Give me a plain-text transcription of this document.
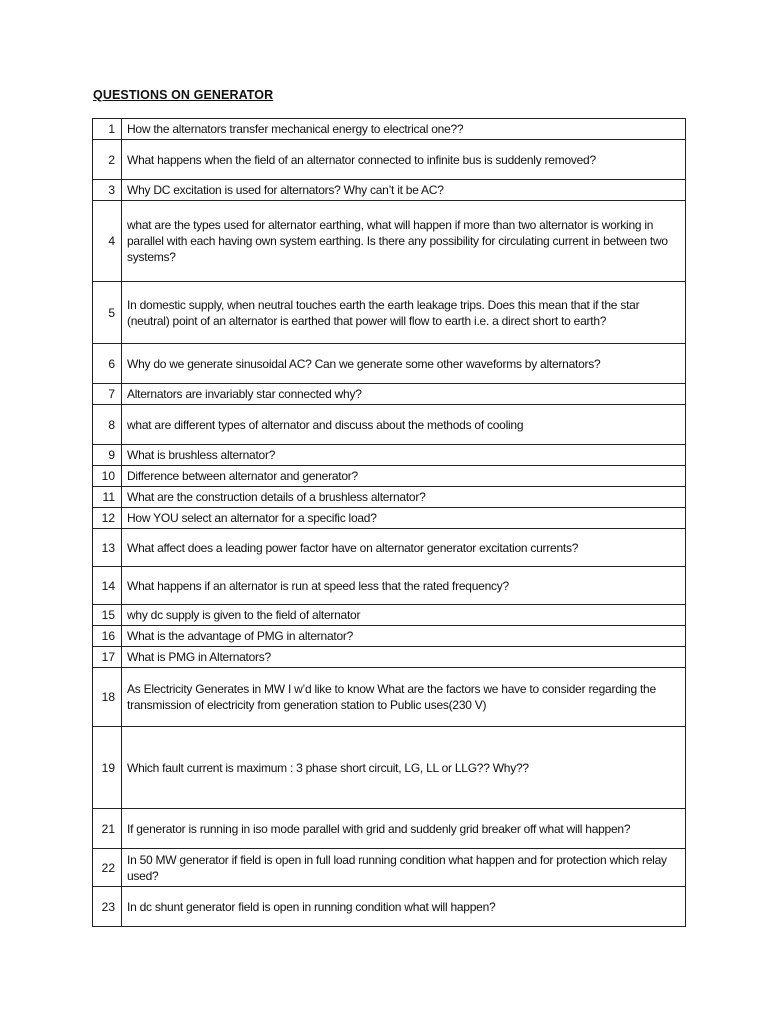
QUESTIONS ON GENERATOR
1	How the alternators transfer mechanical energy to electrical one??
2	What happens when the field of an alternator connected to infinite bus is suddenly removed?
3	Why DC excitation is used for alternators? Why can’t it be AC?
4	what are the types used for alternator earthing, what will happen if more than two alternator is working in parallel with each having own system earthing. Is there any possibility for circulating current in between two systems?
5	In domestic supply, when neutral touches earth the earth leakage trips. Does this mean that if the star (neutral) point of an alternator is earthed that power will flow to earth i.e. a direct short to earth?
6	Why do we generate sinusoidal AC? Can we generate some other waveforms by alternators?
7	Alternators are invariably star connected why?
8	what are different types of alternator and discuss about the methods of cooling
9	What is brushless alternator?
10	Difference between alternator and generator?
11	What are the construction details of a brushless alternator?
12	How YOU select an alternator for a specific load?
13	What affect does a leading power factor have on alternator generator excitation currents?
14	What happens if an alternator is run at speed less that the rated frequency?
15	why dc supply is given to the field of alternator
16	What is the advantage of PMG in alternator?
17	What is PMG in Alternators?
18	As Electricity Generates in MW I w’d like to know What are the factors we have to consider regarding the transmission of electricity from generation station to Public uses(230 V)
19	Which fault current is maximum : 3 phase short circuit, LG, LL or LLG?? Why??
21	If generator is running in iso mode parallel with grid and suddenly grid breaker off what will happen?
22	In 50 MW generator if field is open in full load running condition what happen and for protection which relay used?
23	In dc shunt generator field is open in running condition what will happen?
